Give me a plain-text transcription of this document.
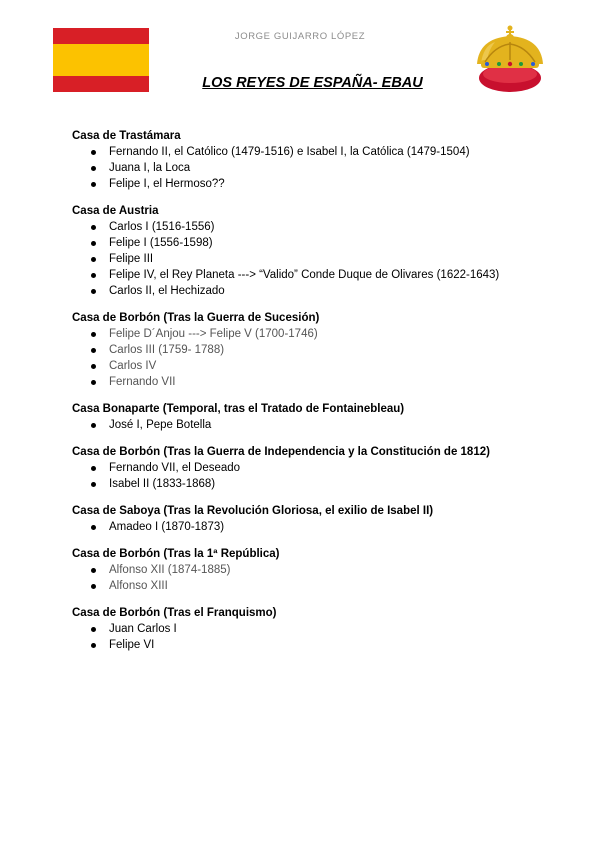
JORGE GUIJARRO LÓPEZ
LOS REYES DE ESPAÑA- EBAU
Casa de Trastámara
Fernando II, el Católico (1479-1516) e Isabel I, la Católica (1479-1504)
Juana I, la Loca
Felipe I, el Hermoso??
Casa de Austria
Carlos I (1516-1556)
Felipe I (1556-1598)
Felipe III
Felipe IV, el Rey Planeta ---> “Valido” Conde Duque de Olivares (1622-1643)
Carlos II, el Hechizado
Casa de Borbón (Tras la Guerra de Sucesión)
Felipe D´Anjou ---> Felipe V (1700-1746)
Carlos III (1759- 1788)
Carlos IV
Fernando VII
Casa Bonaparte (Temporal, tras el Tratado de Fontainebleau)
José I, Pepe Botella
Casa de Borbón (Tras la Guerra de Independencia y la Constitución de 1812)
Fernando VII, el Deseado
Isabel II (1833-1868)
Casa de Saboya (Tras la Revolución Gloriosa, el exilio de Isabel II)
Amadeo I (1870-1873)
Casa de Borbón (Tras la 1ª República)
Alfonso XII (1874-1885)
Alfonso XIII
Casa de Borbón (Tras el Franquismo)
Juan Carlos I
Felipe VI
